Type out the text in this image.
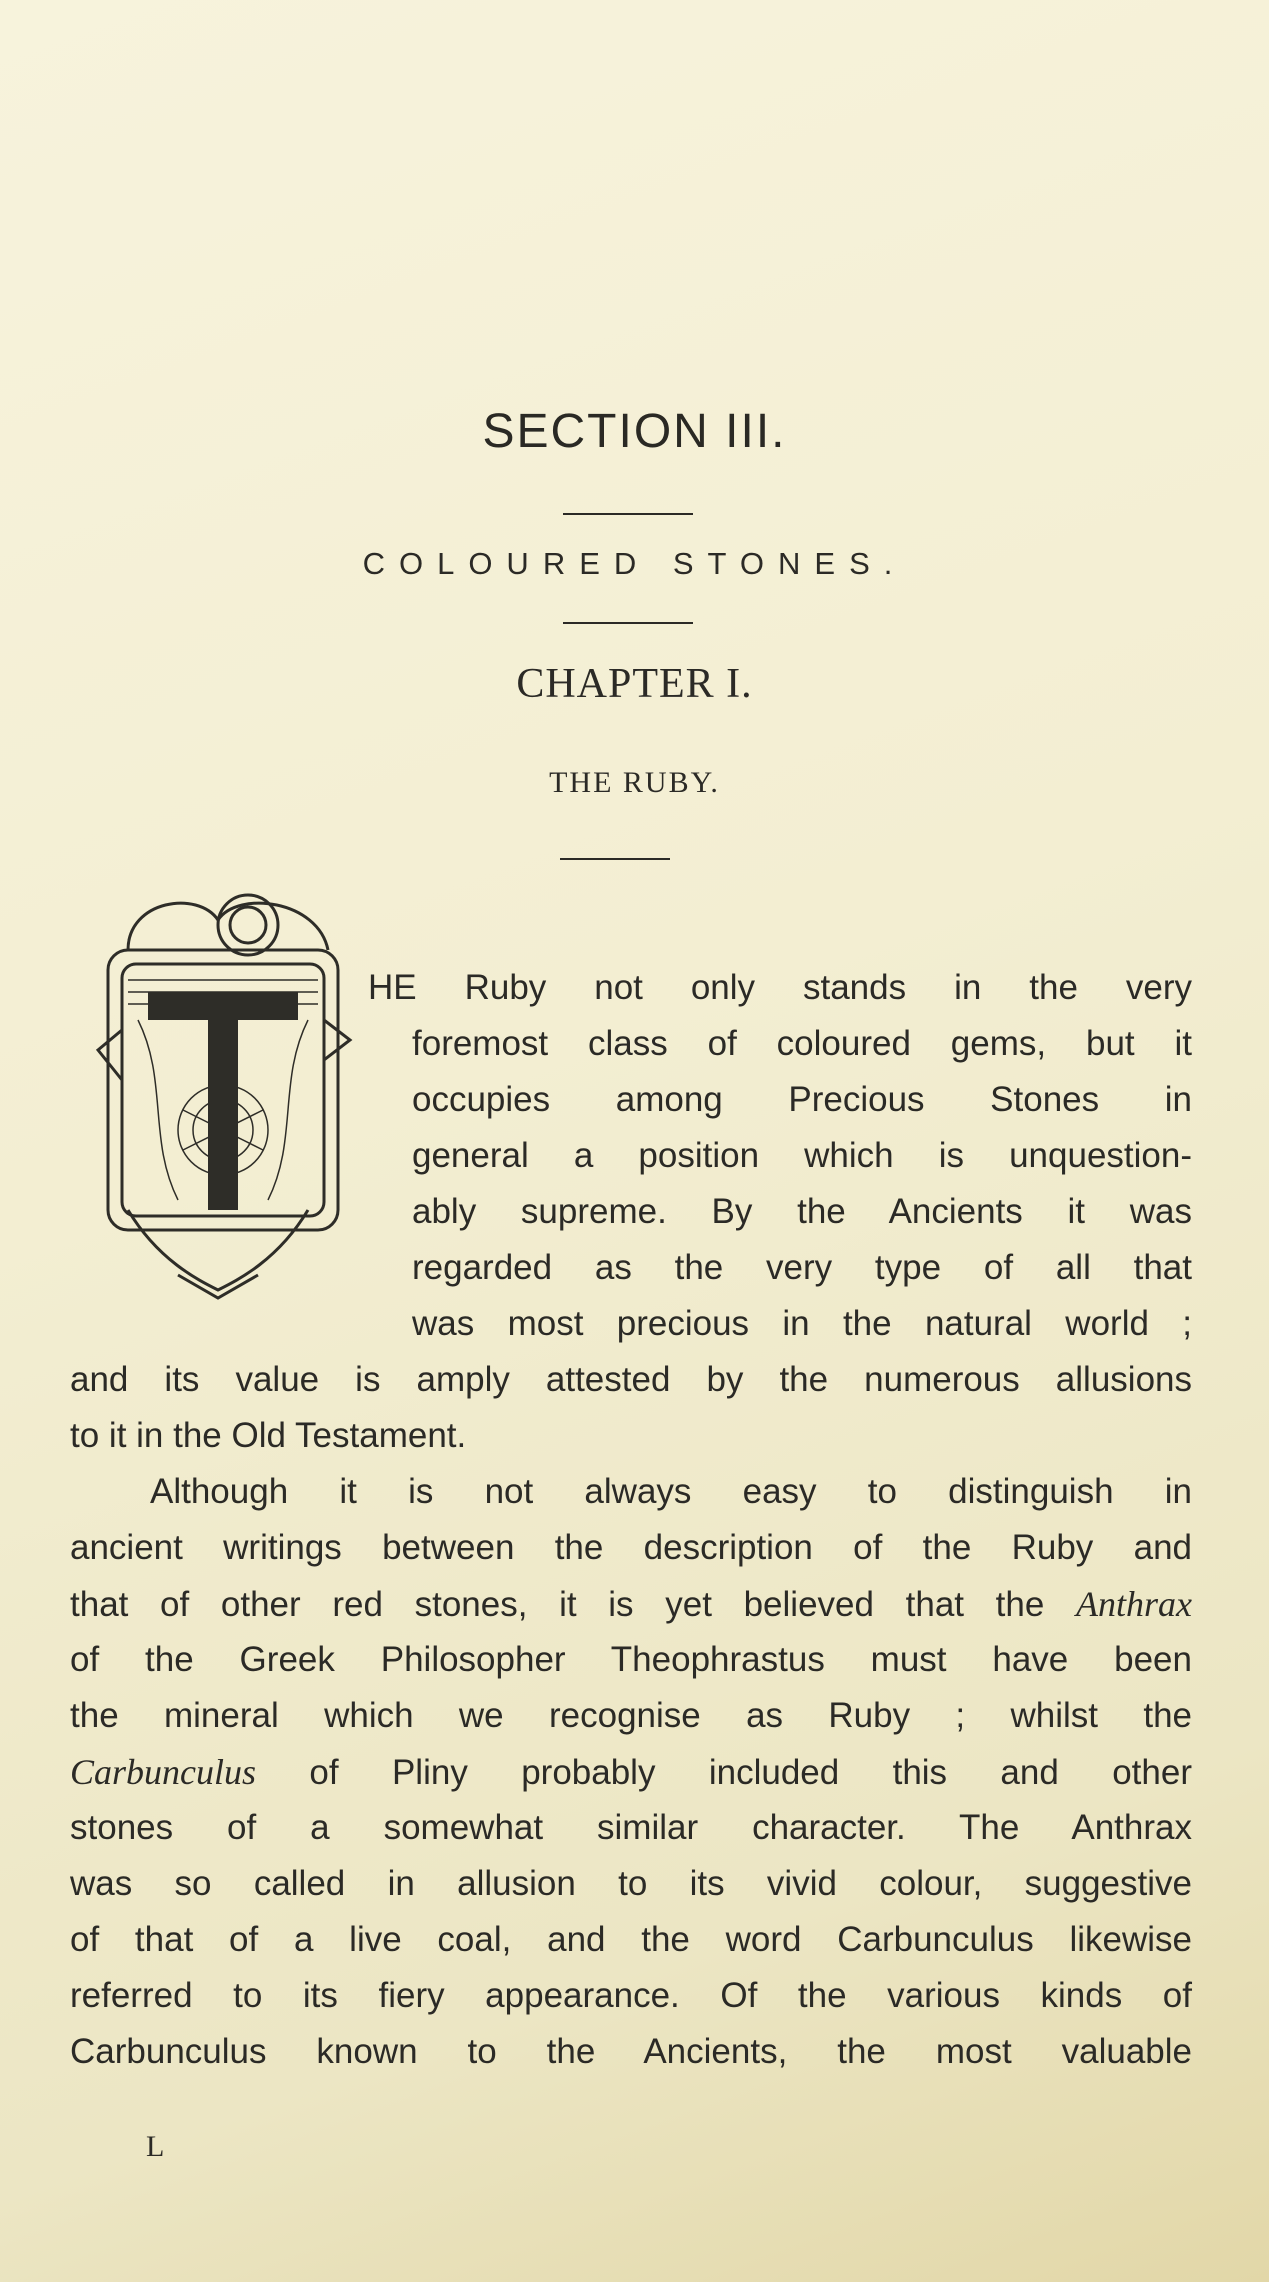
SECTION III.
COLOURED STONES.
CHAPTER I.
THE RUBY.
T
HE Ruby not only stands in the very
foremost class of coloured gems, but it
occupies among Precious Stones in
general a position which is unquestion-
ably supreme. By the Ancients it was
regarded as the very type of all that
was most precious in the natural world ;
and its value is amply attested by the numerous allusions
to it in the Old Testament.
Although it is not always easy to distinguish in
ancient writings between the description of the Ruby and
that of other red stones, it is yet believed that the Anthrax
of the Greek Philosopher Theophrastus must have been
the mineral which we recognise as Ruby ; whilst the
Carbunculus of Pliny probably included this and other
stones of a somewhat similar character. The Anthrax
was so called in allusion to its vivid colour, suggestive
of that of a live coal, and the word Carbunculus likewise
referred to its fiery appearance. Of the various kinds of
Carbunculus known to the Ancients, the most valuable
L
